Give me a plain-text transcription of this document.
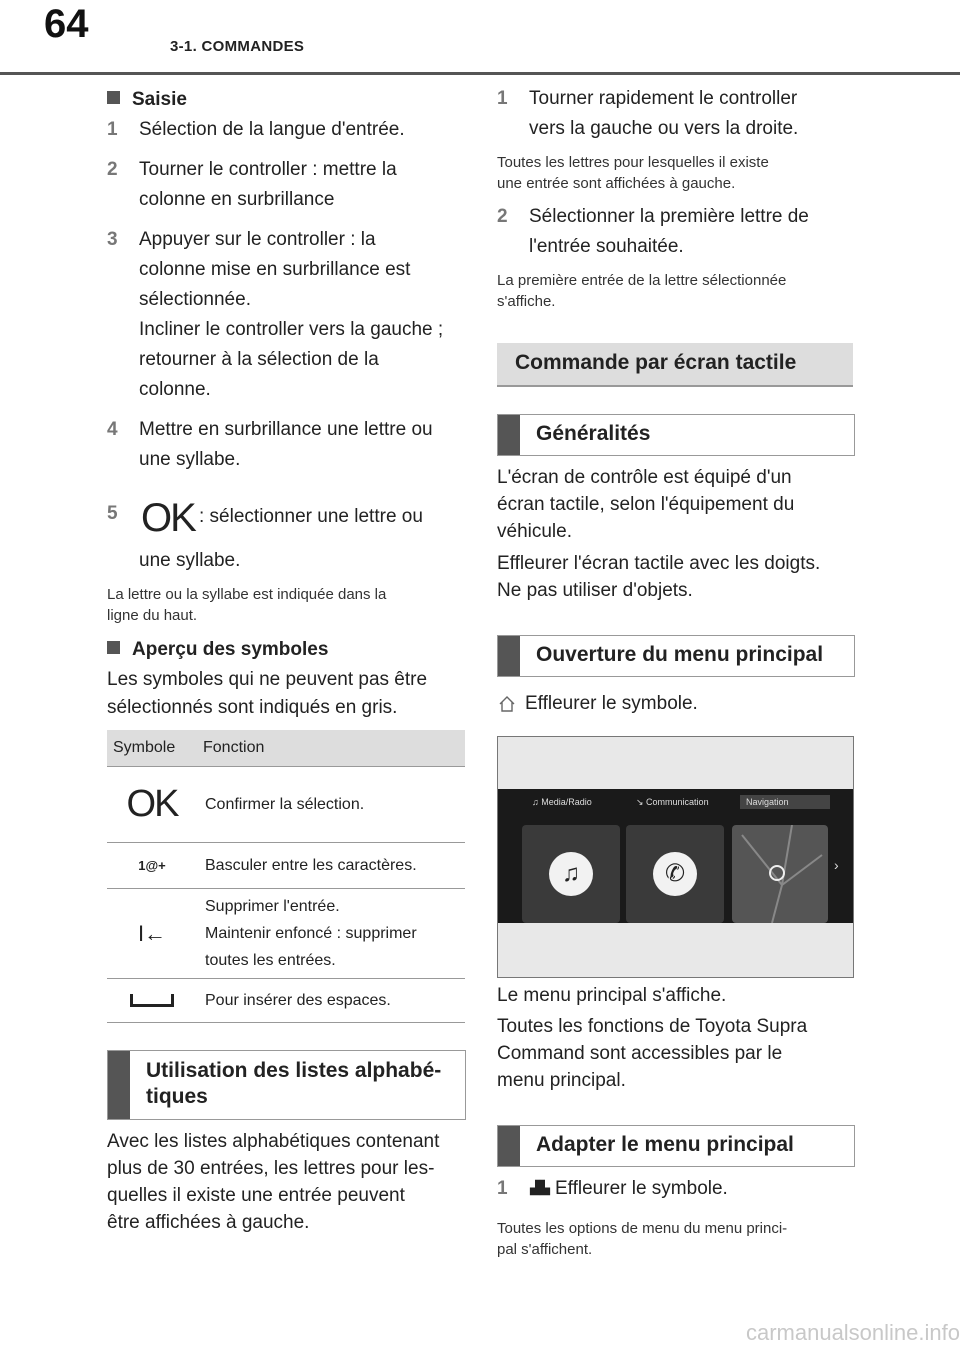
64
3-1. COMMANDES
Saisie
1 Sélection de la langue d'entrée.
2 Tourner le controller : mettre la
colonne en surbrillance
3 Appuyer sur le controller : la
colonne mise en surbrillance est
sélectionnée.
Incliner le controller vers la gauche ;
retourner à la sélection de la
colonne.
4 Mettre en surbrillance une lettre ou
une syllabe.
5 OK : sélectionner une lettre ou
une syllabe.
La lettre ou la syllabe est indiquée dans la
ligne du haut.
Aperçu des symboles
Les symboles qui ne peuvent pas être
sélectionnés sont indiqués en gris.
Symbole	Fonction
OK	Confirmer la sélection.
1@+	Basculer entre les caractères.
I←	Supprimer l'entrée.
Maintenir enfoncé : supprimer
toutes les entrées.

	Pour insérer des espaces.
Utilisation des listes alphabé-
tiques
Avec les listes alphabétiques contenant
plus de 30 entrées, les lettres pour les-
quelles il existe une entrée peuvent
être affichées à gauche.
1 Tourner rapidement le controller
vers la gauche ou vers la droite.
Toutes les lettres pour lesquelles il existe
une entrée sont affichées à gauche.
2 Sélectionner la première lettre de
l'entrée souhaitée.
La première entrée de la lettre sélectionnée
s'affiche.
Commande par écran tactile
Généralités
L'écran de contrôle est équipé d'un
écran tactile, selon l'équipement du
véhicule.
Effleurer l'écran tactile avec les doigts.
Ne pas utiliser d'objets.
Ouverture du menu principal
Effleurer le symbole.
♫ Media/Radio	↘ Communication	Navigation
♫	✆	›
Le menu principal s'affiche.
Toutes les fonctions de Toyota Supra
Command sont accessibles par le
menu principal.
Adapter le menu principal
1 ▟▙ Effleurer le symbole.
Toutes les options de menu du menu princi-
pal s'affichent.
carmanualsonline.info
